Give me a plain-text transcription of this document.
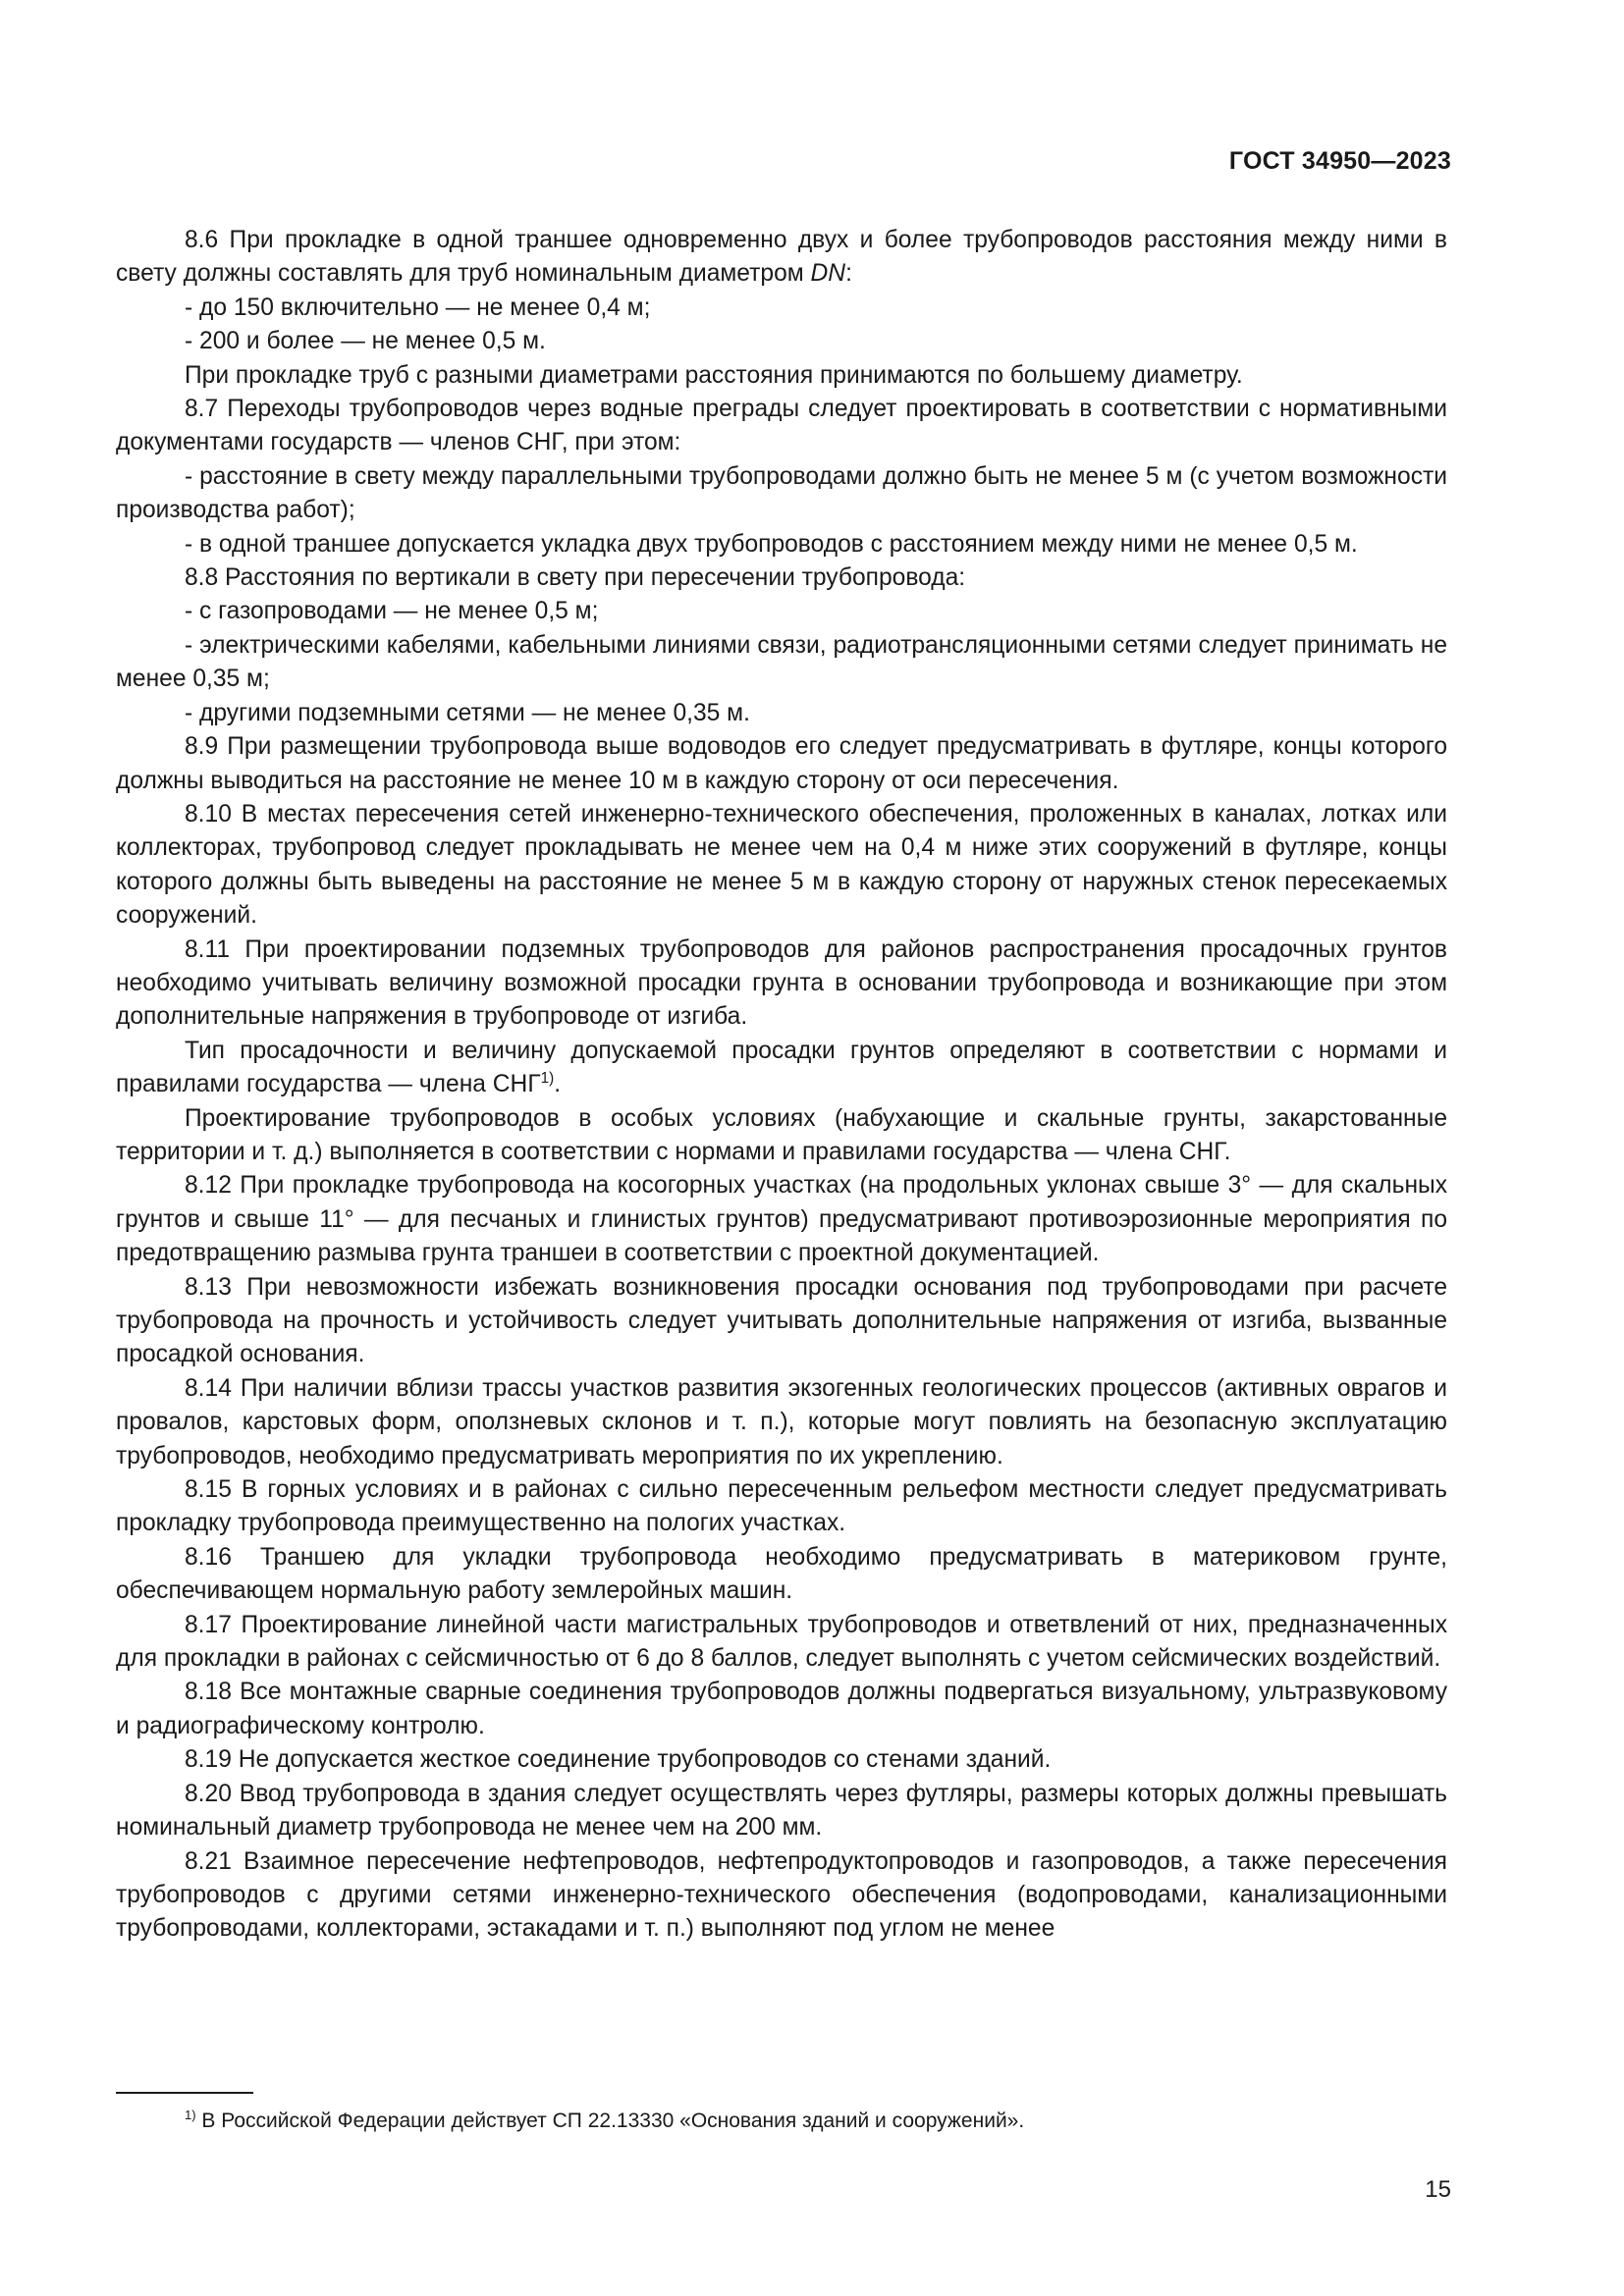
ГОСТ 34950—2023

8.6 При прокладке в одной траншее одновременно двух и более трубопроводов расстояния между ними в свету должны составлять для труб номинальным диаметром DN:

- до 150 включительно — не менее 0,4 м;

- 200 и более — не менее 0,5 м.

При прокладке труб с разными диаметрами расстояния принимаются по большему диаметру.

8.7 Переходы трубопроводов через водные преграды следует проектировать в соответствии с нормативными документами государств — членов СНГ, при этом:

- расстояние в свету между параллельными трубопроводами должно быть не менее 5 м (с учетом возможности производства работ);

- в одной траншее допускается укладка двух трубопроводов с расстоянием между ними не менее 0,5 м.

8.8 Расстояния по вертикали в свету при пересечении трубопровода:

- с газопроводами — не менее 0,5 м;

- электрическими кабелями, кабельными линиями связи, радиотрансляционными сетями следует принимать не менее 0,35 м;

- другими подземными сетями — не менее 0,35 м.

8.9 При размещении трубопровода выше водоводов его следует предусматривать в футляре, концы которого должны выводиться на расстояние не менее 10 м в каждую сторону от оси пересечения.

8.10 В местах пересечения сетей инженерно-технического обеспечения, проложенных в каналах, лотках или коллекторах, трубопровод следует прокладывать не менее чем на 0,4 м ниже этих сооружений в футляре, концы которого должны быть выведены на расстояние не менее 5 м в каждую сторону от наружных стенок пересекаемых сооружений.

8.11 При проектировании подземных трубопроводов для районов распространения просадочных грунтов необходимо учитывать величину возможной просадки грунта в основании трубопровода и возникающие при этом дополнительные напряжения в трубопроводе от изгиба.

Тип просадочности и величину допускаемой просадки грунтов определяют в соответствии с нормами и правилами государства — члена СНГ$^{1)}$.

Проектирование трубопроводов в особых условиях (набухающие и скальные грунты, закарстованные территории и т. д.) выполняется в соответствии с нормами и правилами государства — члена СНГ.

8.12 При прокладке трубопровода на косогорных участках (на продольных уклонах свыше 3° — для скальных грунтов и свыше 11° — для песчаных и глинистых грунтов) предусматривают противоэрозионные мероприятия по предотвращению размыва грунта траншеи в соответствии с проектной документацией.

8.13 При невозможности избежать возникновения просадки основания под трубопроводами при расчете трубопровода на прочность и устойчивость следует учитывать дополнительные напряжения от изгиба, вызванные просадкой основания.

8.14 При наличии вблизи трассы участков развития экзогенных геологических процессов (активных оврагов и провалов, карстовых форм, оползневых склонов и т. п.), которые могут повлиять на безопасную эксплуатацию трубопроводов, необходимо предусматривать мероприятия по их укреплению.

8.15 В горных условиях и в районах с сильно пересеченным рельефом местности следует предусматривать прокладку трубопровода преимущественно на пологих участках.

8.16 Траншею для укладки трубопровода необходимо предусматривать в материковом грунте, обеспечивающем нормальную работу землеройных машин.

8.17 Проектирование линейной части магистральных трубопроводов и ответвлений от них, предназначенных для прокладки в районах с сейсмичностью от 6 до 8 баллов, следует выполнять с учетом сейсмических воздействий.

8.18 Все монтажные сварные соединения трубопроводов должны подвергаться визуальному, ультразвуковому и радиографическому контролю.

8.19 Не допускается жесткое соединение трубопроводов со стенами зданий.

8.20 Ввод трубопровода в здания следует осуществлять через футляры, размеры которых должны превышать номинальный диаметр трубопровода не менее чем на 200 мм.

8.21 Взаимное пересечение нефтепроводов, нефтепродуктопроводов и газопроводов, а также пересечения трубопроводов с другими сетями инженерно-технического обеспечения (водопроводами, канализационными трубопроводами, коллекторами, эстакадами и т. п.) выполняют под углом не менее

$^{1)}$ В Российской Федерации действует СП 22.13330 «Основания зданий и сооружений».
15
